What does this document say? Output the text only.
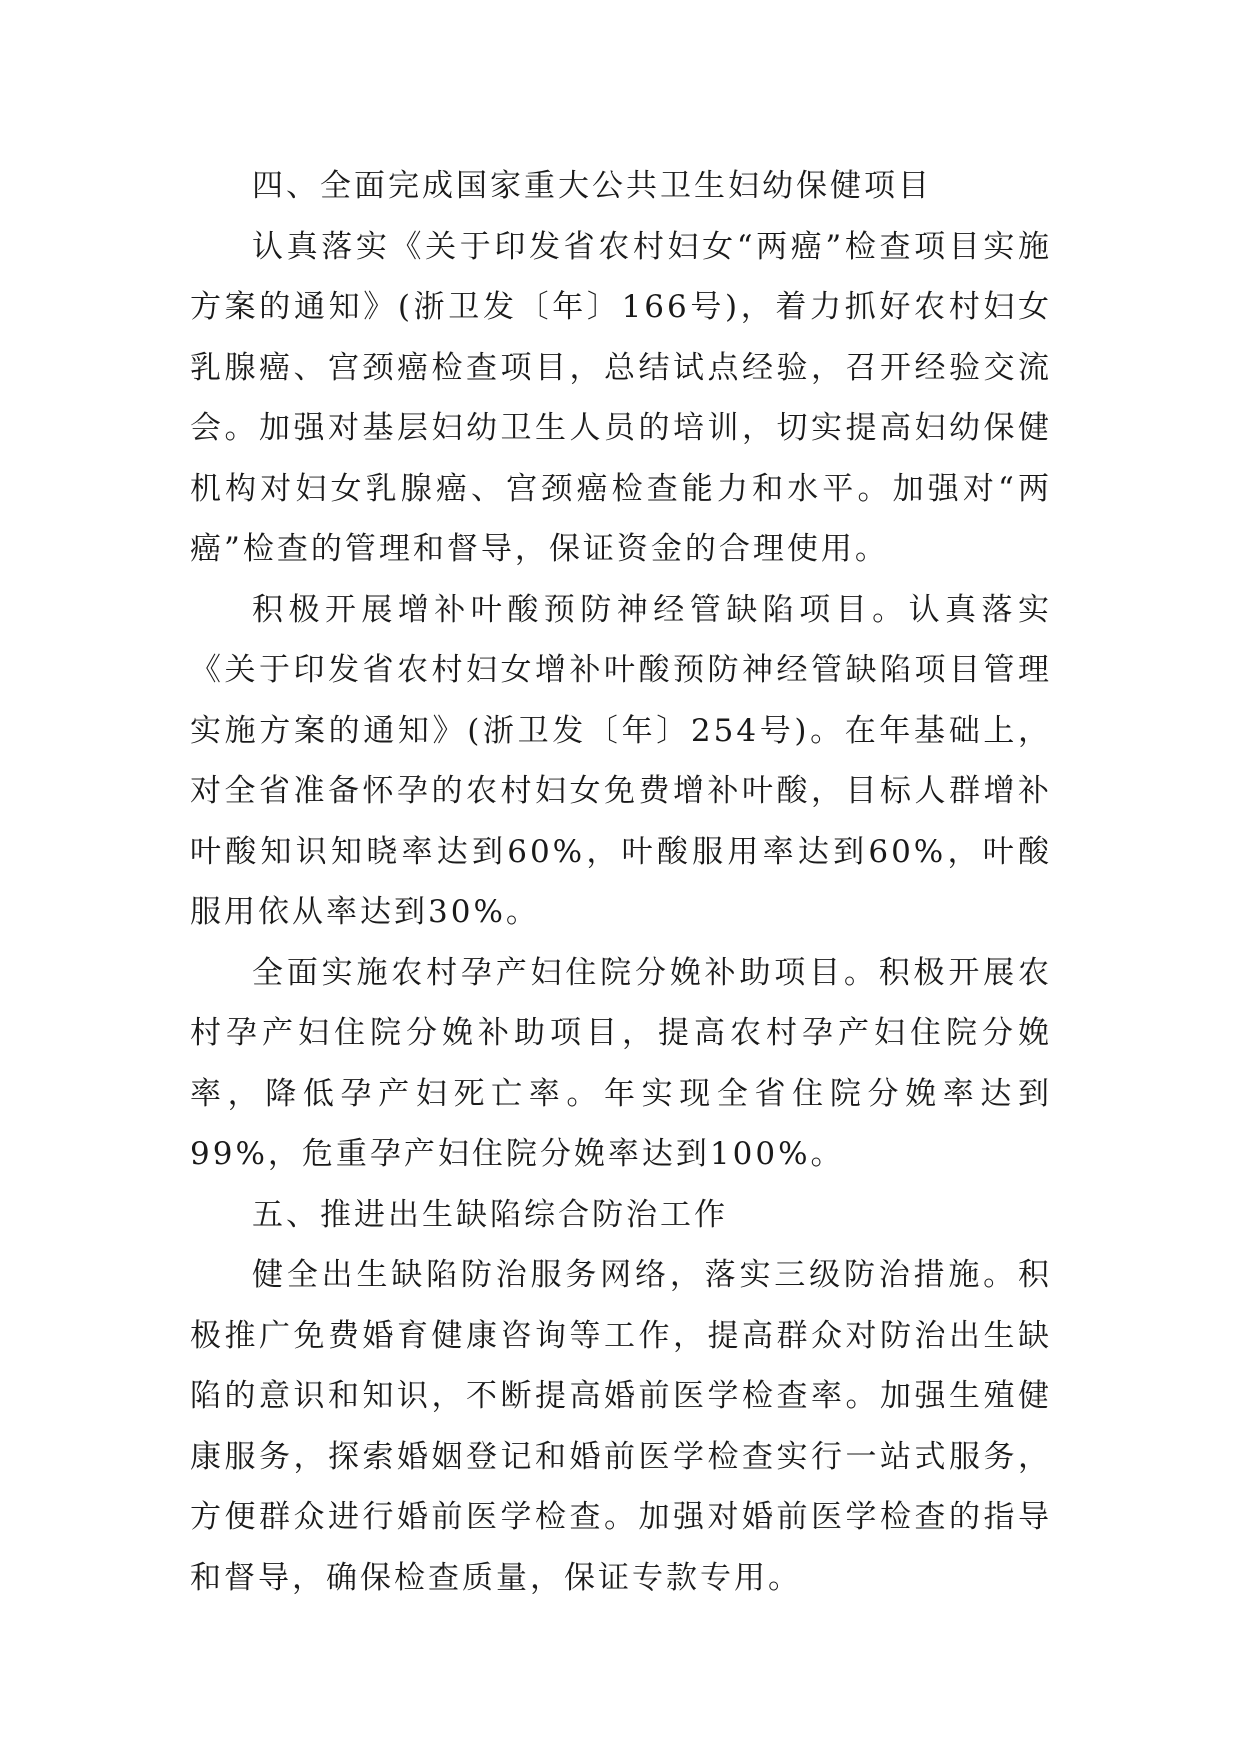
四、全面完成国家重大公共卫生妇幼保健项目

认真落实《关于印发省农村妇女“两癌”检查项目实施方案的通知》(浙卫发〔年〕166号)，着力抓好农村妇女乳腺癌、宫颈癌检查项目，总结试点经验，召开经验交流会。加强对基层妇幼卫生人员的培训，切实提高妇幼保健机构对妇女乳腺癌、宫颈癌检查能力和水平。加强对“两癌”检查的管理和督导，保证资金的合理使用。

积极开展增补叶酸预防神经管缺陷项目。认真落实《关于印发省农村妇女增补叶酸预防神经管缺陷项目管理实施方案的通知》(浙卫发〔年〕254号)。在年基础上，对全省准备怀孕的农村妇女免费增补叶酸，目标人群增补叶酸知识知晓率达到60%，叶酸服用率达到60%，叶酸服用依从率达到30%。

全面实施农村孕产妇住院分娩补助项目。积极开展农村孕产妇住院分娩补助项目，提高农村孕产妇住院分娩率，降低孕产妇死亡率。年实现全省住院分娩率达到99%，危重孕产妇住院分娩率达到100%。

五、推进出生缺陷综合防治工作

健全出生缺陷防治服务网络，落实三级防治措施。积极推广免费婚育健康咨询等工作，提高群众对防治出生缺陷的意识和知识，不断提高婚前医学检查率。加强生殖健康服务，探索婚姻登记和婚前医学检查实行一站式服务，方便群众进行婚前医学检查。加强对婚前医学检查的指导和督导，确保检查质量，保证专款专用。
